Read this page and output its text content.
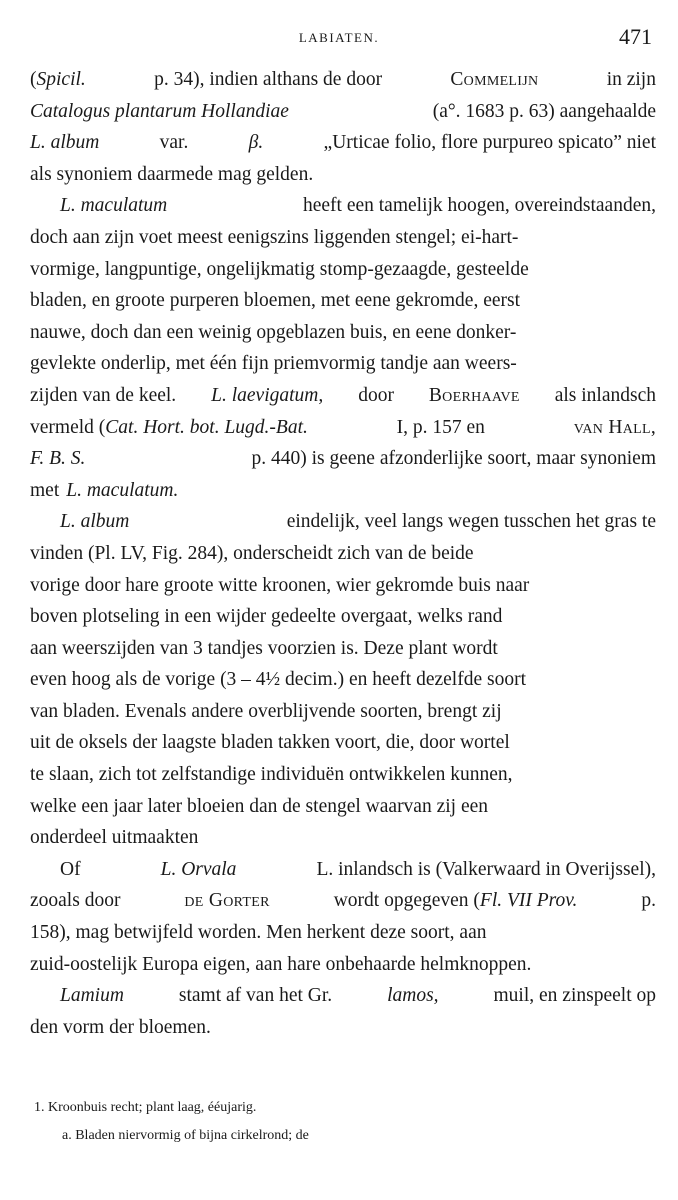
LABIATEN.	471
(Spicil.	p. 34), indien althans de door	Commelijn	in zijn
Catalogus plantarum Hollandiae	(a°. 1683 p. 63) aangehaalde
L. album	var.	β.	„Urticae folio, flore purpureo spicato” niet
als synoniem daarmede mag gelden.
L. maculatum	heeft een tamelijk hoogen, overeindstaanden,
doch aan zijn voet meest eenigszins liggenden stengel; ei-hart-
vormige, langpuntige, ongelijkmatig stomp-gezaagde, gesteelde
bladen, en groote purperen bloemen, met eene gekromde, eerst
nauwe, doch dan een weinig opgeblazen buis, en eene donker-
gevlekte onderlip, met één fijn priemvormig tandje aan weers-
zijden van de keel. L. laevigatum, door Boerhaave als inlandsch
vermeld (Cat. Hort. bot. Lugd.-Bat.	I, p. 157 en	van Hall,
F. B. S.	p. 440) is geene afzonderlijke soort, maar synoniem
met L. maculatum.
L. album	eindelijk, veel langs wegen tusschen het gras te
vinden (Pl. LV, Fig. 284), onderscheidt zich van de beide
vorige door hare groote witte kroonen, wier gekromde buis naar
boven plotseling in een wijder gedeelte overgaat, welks rand
aan weerszijden van 3 tandjes voorzien is. Deze plant wordt
even hoog als de vorige (3 – 4½ decim.) en heeft dezelfde soort
van bladen. Evenals andere overblijvende soorten, brengt zij
uit de oksels der laagste bladen takken voort, die, door wortel
te slaan, zich tot zelfstandige individuën ontwikkelen kunnen,
welke een jaar later bloeien dan de stengel waarvan zij een
onderdeel uitmaakten
Of	L. Orvala	L. inlandsch is (Valkerwaard in Overijssel),
zooals door	de Gorter	wordt opgegeven (Fl. VII Prov.	p.
158), mag betwijfeld worden. Men herkent deze soort, aan
zuid-oostelijk Europa eigen, aan hare onbehaarde helmknoppen.
Lamium	stamt af van het Gr.	lamos,	muil, en zinspeelt op
den vorm der bloemen.
1. Kroonbuis recht; plant laag, ééujarig.
a. Bladen niervormig of bijna cirkelrond; de
